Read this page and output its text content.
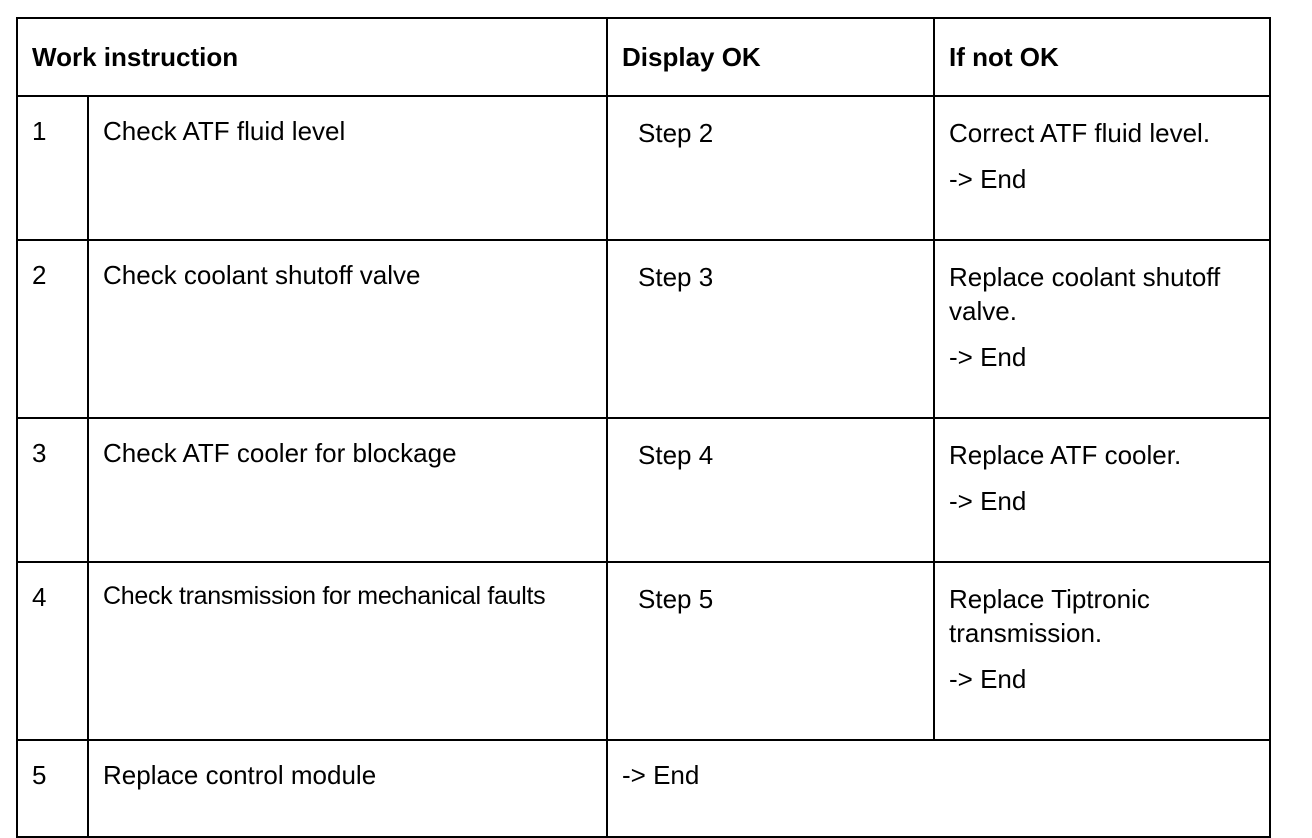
Work instruction		Display OK	If not OK
1	Check ATF fluid level	Step 2	Correct ATF fluid level.
-> End

2	Check coolant shutoff valve	Step 3	Replace coolant shutoff valve.
-> End

3	Check ATF cooler for blockage	Step 4	Replace ATF cooler.
-> End

4	Check transmission for mechanical faults	Step 5	Replace Tiptronic transmission.
-> End

5	Replace control module	-> End	
